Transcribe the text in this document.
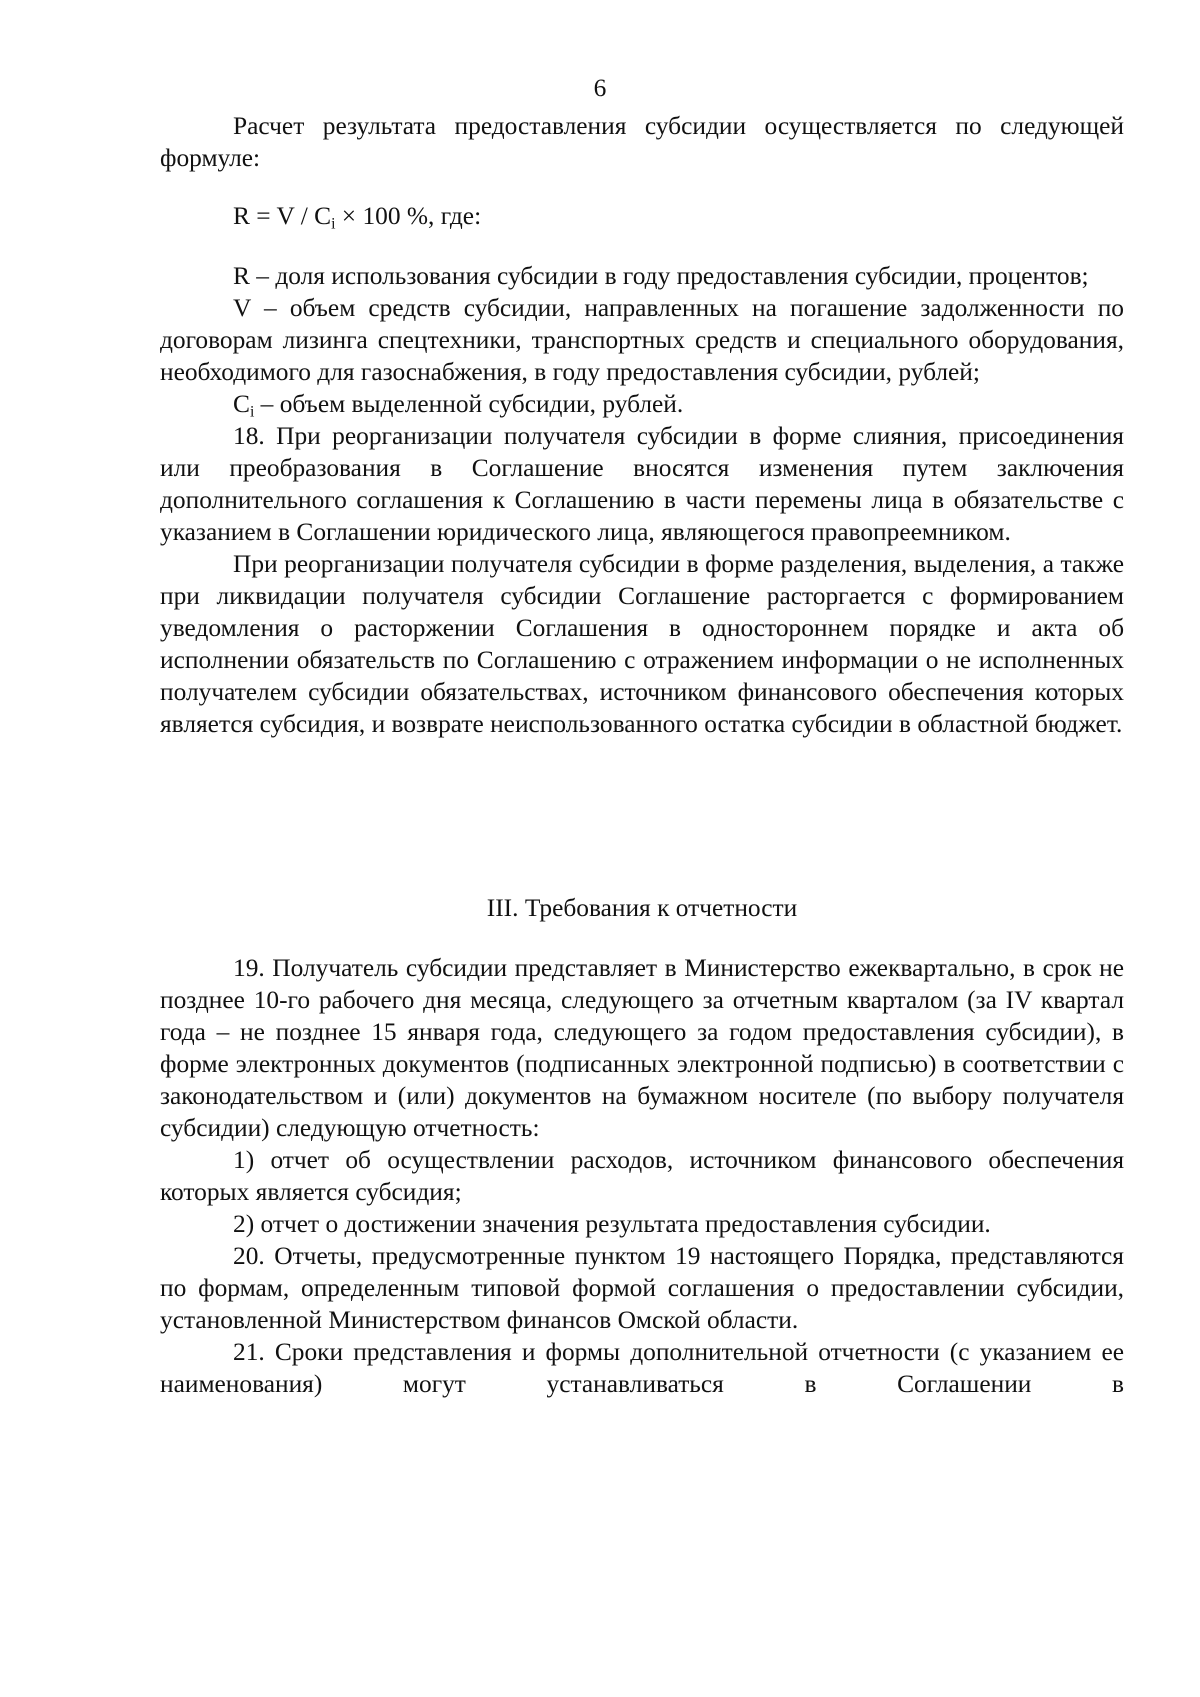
6

Расчет результата предоставления субсидии осуществляется по следующей формуле:

$R = V / C_i \times 100$ %, где:

R – доля использования субсидии в году предоставления субсидии, процентов;

V – объем средств субсидии, направленных на погашение задолженности по договорам лизинга спецтехники, транспортных средств и специального оборудования, необходимого для газоснабжения, в году предоставления субсидии, рублей;

$C_i$ – объем выделенной субсидии, рублей.

18. При реорганизации получателя субсидии в форме слияния, присоединения или преобразования в Соглашение вносятся изменения путем заключения дополнительного соглашения к Соглашению в части перемены лица в обязательстве с указанием в Соглашении юридического лица, являющегося правопреемником.

При реорганизации получателя субсидии в форме разделения, выделения, а также при ликвидации получателя субсидии Соглашение расторгается с формированием уведомления о расторжении Соглашения в одностороннем порядке и акта об исполнении обязательств по Соглашению с отражением информации о не исполненных получателем субсидии обязательствах, источником финансового обеспечения которых является субсидия, и возврате неиспользованного остатка субсидии в областной бюджет.

III. Требования к отчетности

19. Получатель субсидии представляет в Министерство ежеквартально, в срок не позднее 10-го рабочего дня месяца, следующего за отчетным кварталом (за IV квартал года – не позднее 15 января года, следующего за годом предоставления субсидии), в форме электронных документов (подписанных электронной подписью) в соответствии с законодательством и (или) документов на бумажном носителе (по выбору получателя субсидии) следующую отчетность:

1) отчет об осуществлении расходов, источником финансового обеспечения которых является субсидия;

2) отчет о достижении значения результата предоставления субсидии.

20. Отчеты, предусмотренные пунктом 19 настоящего Порядка, представляются по формам, определенным типовой формой соглашения о предоставлении субсидии, установленной Министерством финансов Омской области.

21. Сроки представления и формы дополнительной отчетности (с указанием ее наименования) могут устанавливаться в Соглашении в
